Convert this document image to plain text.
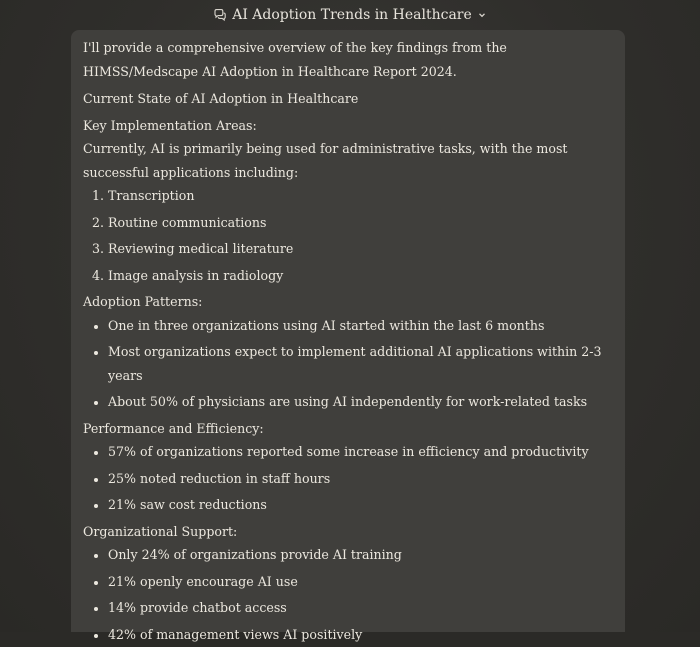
AI Adoption Trends in Healthcare

I'll provide a comprehensive overview of the key findings from the HIMSS/Medscape AI Adoption in Healthcare Report 2024.

Current State of AI Adoption in Healthcare

Key Implementation Areas:

Currently, AI is primarily being used for administrative tasks, with the most successful applications including:

1. Transcription
2. Routine communications
3. Reviewing medical literature
4. Image analysis in radiology

Adoption Patterns:

• One in three organizations using AI started within the last 6 months
• Most organizations expect to implement additional AI applications within 2-3 years
• About 50% of physicians are using AI independently for work-related tasks

Performance and Efficiency:

• 57% of organizations reported some increase in efficiency and productivity
• 25% noted reduction in staff hours
• 21% saw cost reductions

Organizational Support:

• Only 24% of organizations provide AI training
• 21% openly encourage AI use
• 14% provide chatbot access
• 42% of management views AI positively
